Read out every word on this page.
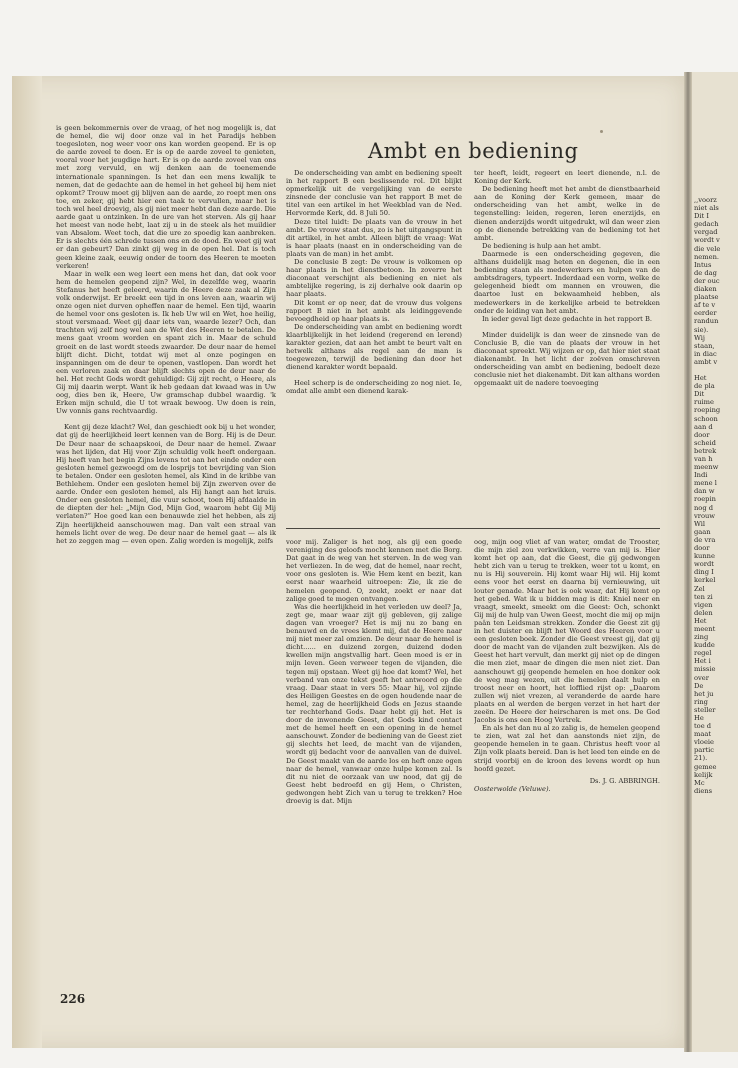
,,voorz
niet als
Dit I
gedach
vergad
wordt v
die vele
nemen.
Intus
de dag
der ouc
diaken
plaatse
af te v
eerder
randun
sie).
Wij
staan,
in diac
ambt v

Het
de pla
Dit
ruime
roeping
schoon
aan d
door
scheid
betrek
van h
meenw
Indi
mene l
dan w
roepin
nog d
vrouw
Wil
gaan
de vra
door
kunne
wordt
ding I
kerkel
Zel
ten zi
vigen
delen
Het
meent
zing
kudde
regel
Het i
missie
over
De
het ju
ring
steller
He
toe d
maat
vloeie
partic
21).
gemee
kelijk
Mc
diens
Ambt en bediening

is geen bekommernis over de vraag, of het nog mogelijk is, dat de hemel, die wij door onze val in het Paradijs hebben toegesloten, nog weer voor ons kan worden geopend. Er is op de aarde zoveel te doen. Er is op de aarde zoveel te genieten, vooral voor het jeugdige hart. Er is op de aarde zoveel van ons met zorg vervuld, en wij denken aan de toenemende internationale spanningen. Is het dan een mens kwalijk te nemen, dat de gedachte aan de hemel in het geheel bij hem niet opkomt? Trouw moet gij blijven aan de aarde, zo roept men ons toe, en zeker, gij hebt hier een taak te vervullen, maar het is toch wel heel droevig, als gij niet meer hebt dan deze aarde. Die aarde gaat u ontzinken. In de ure van het sterven. Als gij haar het meest van node hebt, laat zij u in de steek als het muildier van Absalom. Weet toch, dat die ure zo spoedig kan aanbreken. Er is slechts één schrede tussen ons en de dood. En weet gij wat er dan gebeurt? Dan zinkt gij weg in de open hel. Dat is toch geen kleine zaak, eeuwig onder de toorn des Heeren te moeten verkeren!

Maar in welk een weg leert een mens het dan, dat ook voor hem de hemelen geopend zijn? Wel, in dezelfde weg, waarin Stefanus het heeft geleerd, waarin de Heere deze zaak al Zijn volk onderwijst. Er breekt een tijd in ons leven aan, waarin wij onze ogen niet durven opheffen naar de hemel. Een tijd, waarin de hemel voor ons gesloten is. Ik heb Uw wil en Wet, hoe heilig, stout versmaad. Weet gij daar iets van, waarde lezer? Och, dan trachten wij zelf nog wel aan de Wet des Heeren te betalen. De mens gaat vroom worden en spant zich in. Maar de schuld groeit en de last wordt steeds zwaarder. De deur naar de hemel blijft dicht. Dicht, totdat wij met al onze pogingen en inspanningen om de deur te openen, vastlopen. Dan wordt het een verloren zaak en daar blijft slechts open de deur naar de hel. Het recht Gods wordt gehuldigd: Gij zijt recht, o Heere, als Gij mij daarin werpt. Want ik heb gedaan dat kwaad was in Uw oog, dies ben ik, Heere, Uw gramschap dubbel waardig. 'k Erken mijn schuld, die U tot wraak bewoog. Uw doen is rein, Uw vonnis gans rechtvaardig.

Kent gij deze klacht? Wel, dan geschiedt ook bij u het wonder, dat gij de heerlijkheid leert kennen van de Borg. Hij is de Deur. De Deur naar de schaapskooi, de Deur naar de hemel. Zwaar was het lijden, dat Hij voor Zijn schuldig volk heeft ondergaan. Hij heeft van het begin Zijns levens tot aan het einde onder een gesloten hemel gezwoegd om de losprijs tot bevrijding van Sion te betalen. Onder een gesloten hemel, als Kind in de kribbe van Bethlehem. Onder een gesloten hemel bij Zijn zwerven over de aarde. Onder een gesloten hemel, als Hij hangt aan het kruis. Onder een gesloten hemel, die vuur schoot, toen Hij afdaalde in de diepten der hel: „Mijn God, Mijn God, waarom hebt Gij Mij verlaten?” Hoe goed kan een benauwde ziel het hebben, als zij Zijn heerlijkheid aanschouwen mag. Dan valt een straal van hemels licht over de weg. De deur naar de hemel gaat — als ik het zo zeggen mag — even open. Zalig worden is mogelijk, zelfs

De onderscheiding van ambt en bediening speelt in het rapport B een beslissende rol. Dit blijkt opmerkelijk uit de vergelijking van de eerste zinsnede der conclusie van het rapport B met de titel van een artikel in het Weekblad van de Ned. Hervormde Kerk, dd. 8 Juli 50.

Deze titel luidt: De plaats van de vrouw in het ambt. De vrouw staat dus, zo is het uitgangspunt in dit artikel, in het ambt. Alleen blijft de vraag: Wat is haar plaats (naast en in onderscheiding van de plaats van de man) in het ambt.

De conclusie B zegt: De vrouw is volkomen op haar plaats in het dienstbetoon. In zoverre het diaconaat verschijnt als bediening en niet als ambtelijke regering, is zij derhalve ook daarin op haar plaats.

Dit komt er op neer, dat de vrouw dus volgens rapport B niet in het ambt als leidinggevende bevoegdheid op haar plaats is.

De onderscheiding van ambt en bediening wordt klaarblijkelijk in het leidend (regerend en lerend) karakter gezien, dat aan het ambt te beurt valt en hetwelk althans als regel aan de man is toegewezen, terwijl de bediening dan door het dienend karakter wordt bepaald.

Heel scherp is de onderscheiding zo nog niet. Ie, omdat alle ambt een dienend karak-

ter heeft, leidt, regeert en leert dienende, n.l. de Koning der Kerk.

De bediening heeft met het ambt de dienstbaarheid aan de Koning der Kerk gemeen, maar de onderscheiding van het ambt, welke in de tegenstelling: leiden, regeren, leren enerzijds, en dienen anderzijds wordt uitgedrukt, wil dan weer zien op de dienende betrekking van de bediening tot het ambt.

De bediening is hulp aan het ambt.

Daarmede is een onderscheiding gegeven, die althans duidelijk mag heten en degenen, die in een bediening staan als medewerkers en hulpen van de ambtsdragers, typeert. Inderdaad een vorm, welke de gelegenheid biedt om mannen en vrouwen, die daartoe lust en bekwaamheid hebben, als medewerkers in de kerkelijke arbeid te betrekken onder de leiding van het ambt.

In ieder geval ligt deze gedachte in het rapport B.

Minder duidelijk is dan weer de zinsnede van de Conclusie B, die van de plaats der vrouw in het diaconaat spreekt. Wij wijzen er op, dat hier niet staat diakenambt. In het licht der zoëven omschreven onderscheiding van ambt en bediening, bedoelt deze conclusie niet het diakenambt. Dit kan althans worden opgemaakt uit de nadere toevoeging

voor mij. Zaliger is het nog, als gij een goede vereniging des geloofs mocht kennen met die Borg. Dat gaat in de weg van het sterven. In de weg van het verliezen. In de weg, dat de hemel, naar recht, voor ons gesloten is. Wie Hem kent en bezit, kan eerst naar waarheid uitroepen: Zie, ik zie de hemelen geopend. O, zoekt, zoekt er naar dat zalige goed te mogen ontvangen.

Was die heerlijkheid in het verleden uw deel? Ja, zegt ge, maar waar zijt gij gebleven, gij zalige dagen van vroeger? Het is mij nu zo bang en benauwd en de vrees klemt mij, dat de Heere naar mij niet meer zal omzien. De deur naar de hemel is dicht...... en duizend zorgen, duizend doden kwellen mijn angstvallig hart. Geen moed is er in mijn leven. Geen verweer tegen de vijanden, die tegen mij opstaan. Weet gij hoe dat komt? Wel, het verband van onze tekst geeft het antwoord op die vraag. Daar staat in vers 55: Maar hij, vol zijnde des Heiligen Geestes en de ogen houdende naar de hemel, zag de heerlijkheid Gods en Jezus staande ter rechterhand Gods. Daar hebt gij het. Het is door de inwonende Geest, dat Gods kind contact met de hemel heeft en een opening in de hemel aanschouwt. Zonder de bediening van de Geest ziet gij slechts het leed, de macht van de vijanden, wordt gij bedacht voor de aanvallen van de duivel. De Geest maakt van de aarde los en heft onze ogen naar de hemel, vanwaar onze hulpe komen zal. Is dit nu niet de oorzaak van uw nood, dat gij de Geest hebt bedroefd en gij Hem, o Christen, gedwongen hebt Zich van u terug te trekken? Hoe droevig is dat. Mijn

oog, mijn oog vliet af van water, omdat de Trooster, die mijn ziel zou verkwikken, verre van mij is. Hier komt het op aan, dat die Geest, die gij gedwongen hebt zich van u terug te trekken, weer tot u komt, en nu is Hij souverein. Hij komt waar Hij wil. Hij komt eens voor het eerst en daarna bij vernieuwing, uit louter genade. Maar het is ook waar, dat Hij komt op het gebed. Wat ik u bidden mag is dit: Kniel neer en vraagt, smeekt, smeekt om die Geest: Och, schonkt Gij mij de hulp van Uwen Geest, mocht die mij op mijn paân ten Leidsman strekken. Zonder die Geest zit gij in het duister en blijft het Woord des Heeren voor u een gesloten boek. Zonder die Geest vreest gij, dat gij door de macht van de vijanden zult bezwijken. Als de Geest het hart vervult, dan merkt gij niet op de dingen die men ziet, maar de dingen die men niet ziet. Dan aanschouwt gij geopende hemelen en hoe donker ook de weg mag wezen, uit die hemelen daalt hulp en troost neer en hoort, het lofflied rijst op: „Daarom zullen wij niet vrezen, al veranderde de aarde hare plaats en al werden de bergen verzet in het hart der zeeën. De Heere der heirscharen is met ons. De God Jacobs is ons een Hoog Vertrek.

En als het dan nu al zo zalig is, de hemelen geopend te zien, wat zal het dan aanstonds niet zijn, de geopende hemelen in te gaan. Christus heeft voor al Zijn volk plaats bereid. Dan is het leed ten einde en de strijd voorbij en de kroon des levens wordt op hun hoofd gezet.

Ds. J. G. ABBRINGH.
Oosterwolde (Veluwe).
226
